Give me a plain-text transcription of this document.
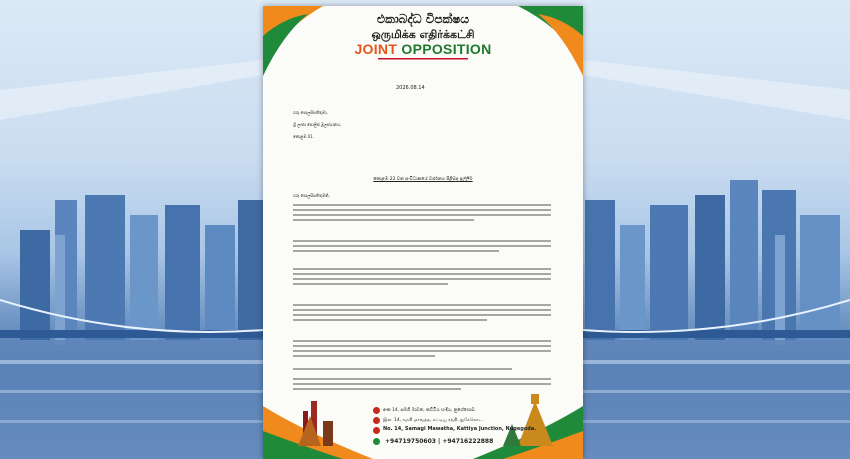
එකාබද්ධ විපක්ෂය
ஒருமிக்க எதிர்க்கட்சி
JOINT OPPOSITION
2026.08.14
ගරු පොලසිපතිතුමා,
ශ්‍රී ලංකා පොලිස් මූලස්ථානය,
කොළඹ 01.
කොළඹ 22 වන සංවිධානයේ වර්ජනය පිළිබඳ ඉල්ලීම
ගරු පොලසිපතිතුමනි,
අංක 14, සමගි මාවත, කට්ටිය හංදිය, නුගේගොඩ.
இல. 14, சமகி மாவத்த, கட்டிய சந்தி, நுகேகொட.
No. 14, Samagi Mawatha, Kattiya Junction, Nugegoda.
+94719750603 | +94716222888
